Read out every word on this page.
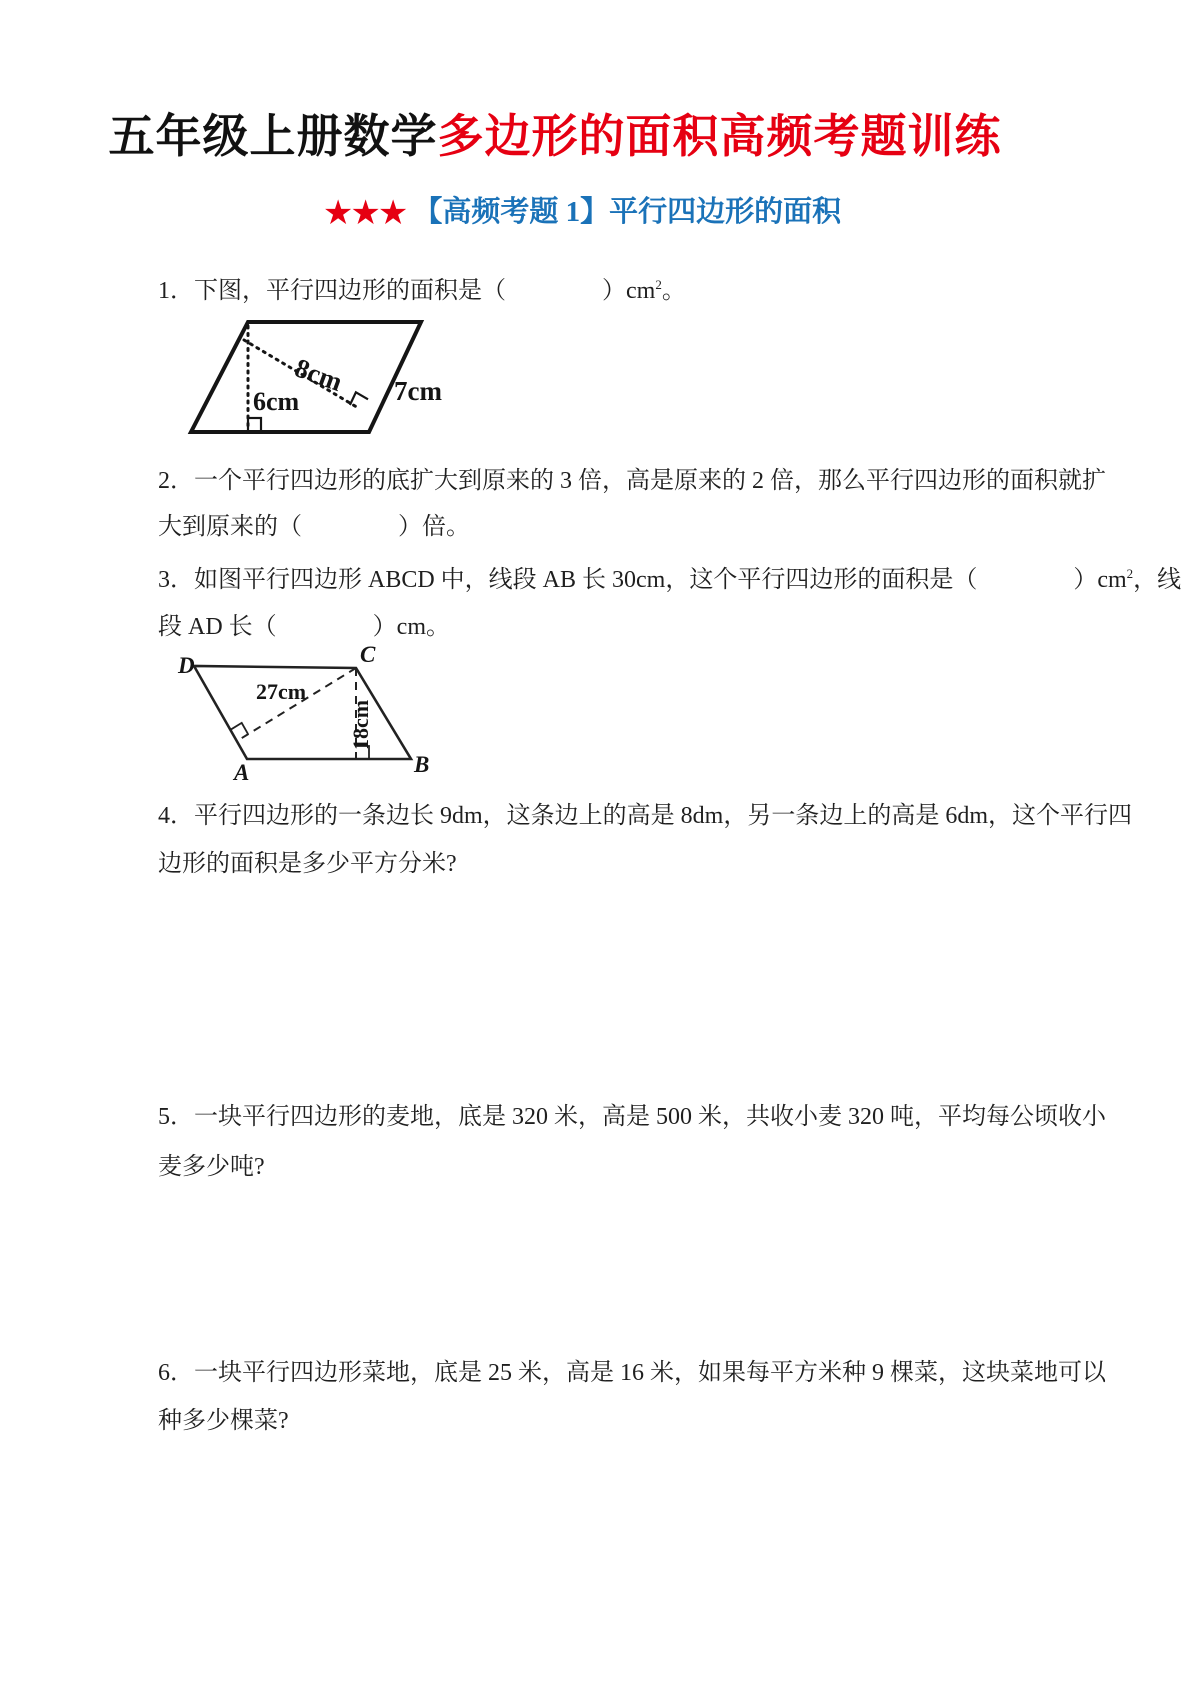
五年级上册数学多边形的面积高频考题训练
★★★ 【高频考题 1】平行四边形的面积
1．下图，平行四边形的面积是（　　　　）$cm^2$。
8cm
6cm	7cm
2．一个平行四边形的底扩大到原来的 3 倍，高是原来的 2 倍，那么平行四边形的面积就扩
大到原来的（　　　　）倍。
3．如图平行四边形 ABCD 中，线段 AB 长 30cm，这个平行四边形的面积是（　　　　）$cm^2$，线
段 AD 长（　　　　）cm。
27cm
18cm
D	C
A	B
4．平行四边形的一条边长 9dm，这条边上的高是 8dm，另一条边上的高是 6dm，这个平行四
边形的面积是多少平方分米?
5．一块平行四边形的麦地，底是 320 米，高是 500 米，共收小麦 320 吨，平均每公顷收小
麦多少吨?
6．一块平行四边形菜地，底是 25 米，高是 16 米，如果每平方米种 9 棵菜，这块菜地可以
种多少棵菜?
